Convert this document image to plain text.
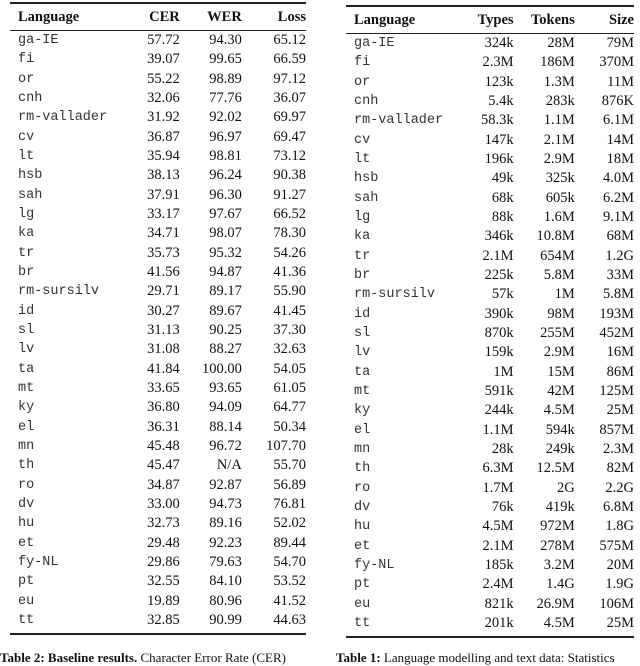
Language	CER	WER	Loss
ga-IE	57.72	94.30	65.12
fi	39.07	99.65	66.59
or	55.22	98.89	97.12
cnh	32.06	77.76	36.07
rm-vallader	31.92	92.02	69.97
cv	36.87	96.97	69.47
lt	35.94	98.81	73.12
hsb	38.13	96.24	90.38
sah	37.91	96.30	91.27
lg	33.17	97.67	66.52
ka	34.71	98.07	78.30
tr	35.73	95.32	54.26
br	41.56	94.87	41.36
rm-sursilv	29.71	89.17	55.90
id	30.27	89.67	41.45
sl	31.13	90.25	37.30
lv	31.08	88.27	32.63
ta	41.84	100.00	54.05
mt	33.65	93.65	61.05
ky	36.80	94.09	64.77
el	36.31	88.14	50.34
mn	45.48	96.72	107.70
th	45.47	N/A	55.70
ro	34.87	92.87	56.89
dv	33.00	94.73	76.81
hu	32.73	89.16	52.02
et	29.48	92.23	89.44
fy-NL	29.86	79.63	54.70
pt	32.55	84.10	53.52
eu	19.89	80.96	41.52
tt	32.85	90.99	44.63
Language	Types	Tokens	Size
ga-IE	324k	28M	79M
fi	2.3M	186M	370M
or	123k	1.3M	11M
cnh	5.4k	283k	876K
rm-vallader	58.3k	1.1M	6.1M
cv	147k	2.1M	14M
lt	196k	2.9M	18M
hsb	49k	325k	4.0M
sah	68k	605k	6.2M
lg	88k	1.6M	9.1M
ka	346k	10.8M	68M
tr	2.1M	654M	1.2G
br	225k	5.8M	33M
rm-sursilv	57k	1M	5.8M
id	390k	98M	193M
sl	870k	255M	452M
lv	159k	2.9M	16M
ta	1M	15M	86M
mt	591k	42M	125M
ky	244k	4.5M	25M
el	1.1M	594k	857M
mn	28k	249k	2.3M
th	6.3M	12.5M	82M
ro	1.7M	2G	2.2G
dv	76k	419k	6.8M
hu	4.5M	972M	1.8G
et	2.1M	278M	575M
fy-NL	185k	3.2M	20M
pt	2.4M	1.4G	1.9G
eu	821k	26.9M	106M
tt	201k	4.5M	25M
Table 2: Baseline results. Character Error Rate (CER)	Table 1: Language modelling and text data: Statistics
